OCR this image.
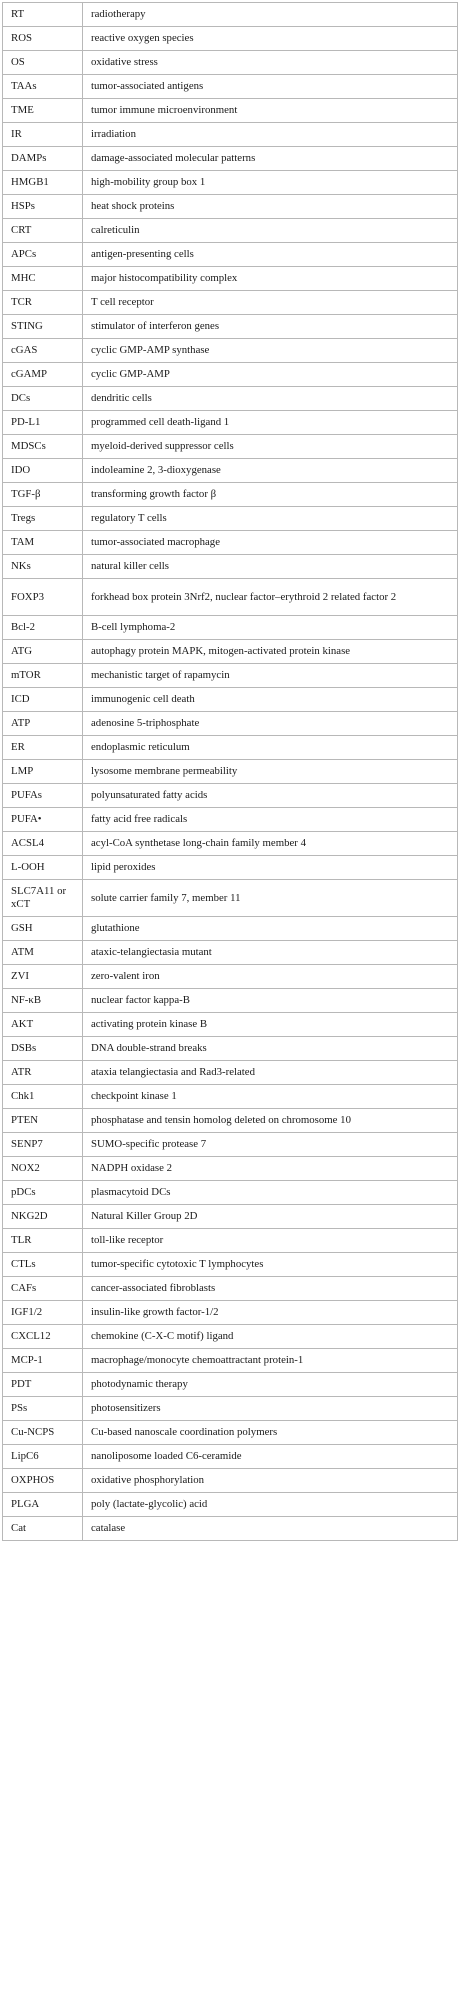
RT	radiotherapy
ROS	reactive oxygen species
OS	oxidative stress
TAAs	tumor-associated antigens
TME	tumor immune microenvironment
IR	irradiation
DAMPs	damage-associated molecular patterns
HMGB1	high-mobility group box 1
HSPs	heat shock proteins
CRT	calreticulin
APCs	antigen-presenting cells
MHC	major histocompatibility complex
TCR	T cell receptor
STING	stimulator of interferon genes
cGAS	cyclic GMP-AMP synthase
cGAMP	cyclic GMP-AMP
DCs	dendritic cells
PD-L1	programmed cell death-ligand 1
MDSCs	myeloid-derived suppressor cells
IDO	indoleamine 2, 3-dioxygenase
TGF-β	transforming growth factor β
Tregs	regulatory T cells
TAM	tumor-associated macrophage
NKs	natural killer cells
FOXP3	forkhead box protein 3Nrf2, nuclear factor–erythroid 2 related factor 2
Bcl-2	B-cell lymphoma-2
ATG	autophagy protein MAPK, mitogen-activated protein kinase
mTOR	mechanistic target of rapamycin
ICD	immunogenic cell death
ATP	adenosine 5-triphosphate
ER	endoplasmic reticulum
LMP	lysosome membrane permeability
PUFAs	polyunsaturated fatty acids
PUFA•	fatty acid free radicals
ACSL4	acyl-CoA synthetase long-chain family member 4
L-OOH	lipid peroxides
SLC7A11 or xCT	solute carrier family 7, member 11
GSH	glutathione
ATM	ataxic-telangiectasia mutant
ZVI	zero-valent iron
NF-κB	nuclear factor kappa-B
AKT	activating protein kinase B
DSBs	DNA double-strand breaks
ATR	ataxia telangiectasia and Rad3-related
Chk1	checkpoint kinase 1
PTEN	phosphatase and tensin homolog deleted on chromosome 10
SENP7	SUMO-specific protease 7
NOX2	NADPH oxidase 2
pDCs	plasmacytoid DCs
NKG2D	Natural Killer Group 2D
TLR	toll-like receptor
CTLs	tumor-specific cytotoxic T lymphocytes
CAFs	cancer-associated fibroblasts
IGF1/2	insulin-like growth factor-1/2
CXCL12	chemokine (C-X-C motif) ligand
MCP-1	macrophage/monocyte chemoattractant protein-1
PDT	photodynamic therapy
PSs	photosensitizers
Cu-NCPS	Cu-based nanoscale coordination polymers
LipC6	nanoliposome loaded C6-ceramide
OXPHOS	oxidative phosphorylation
PLGA	poly (lactate-glycolic) acid
Cat	catalase
